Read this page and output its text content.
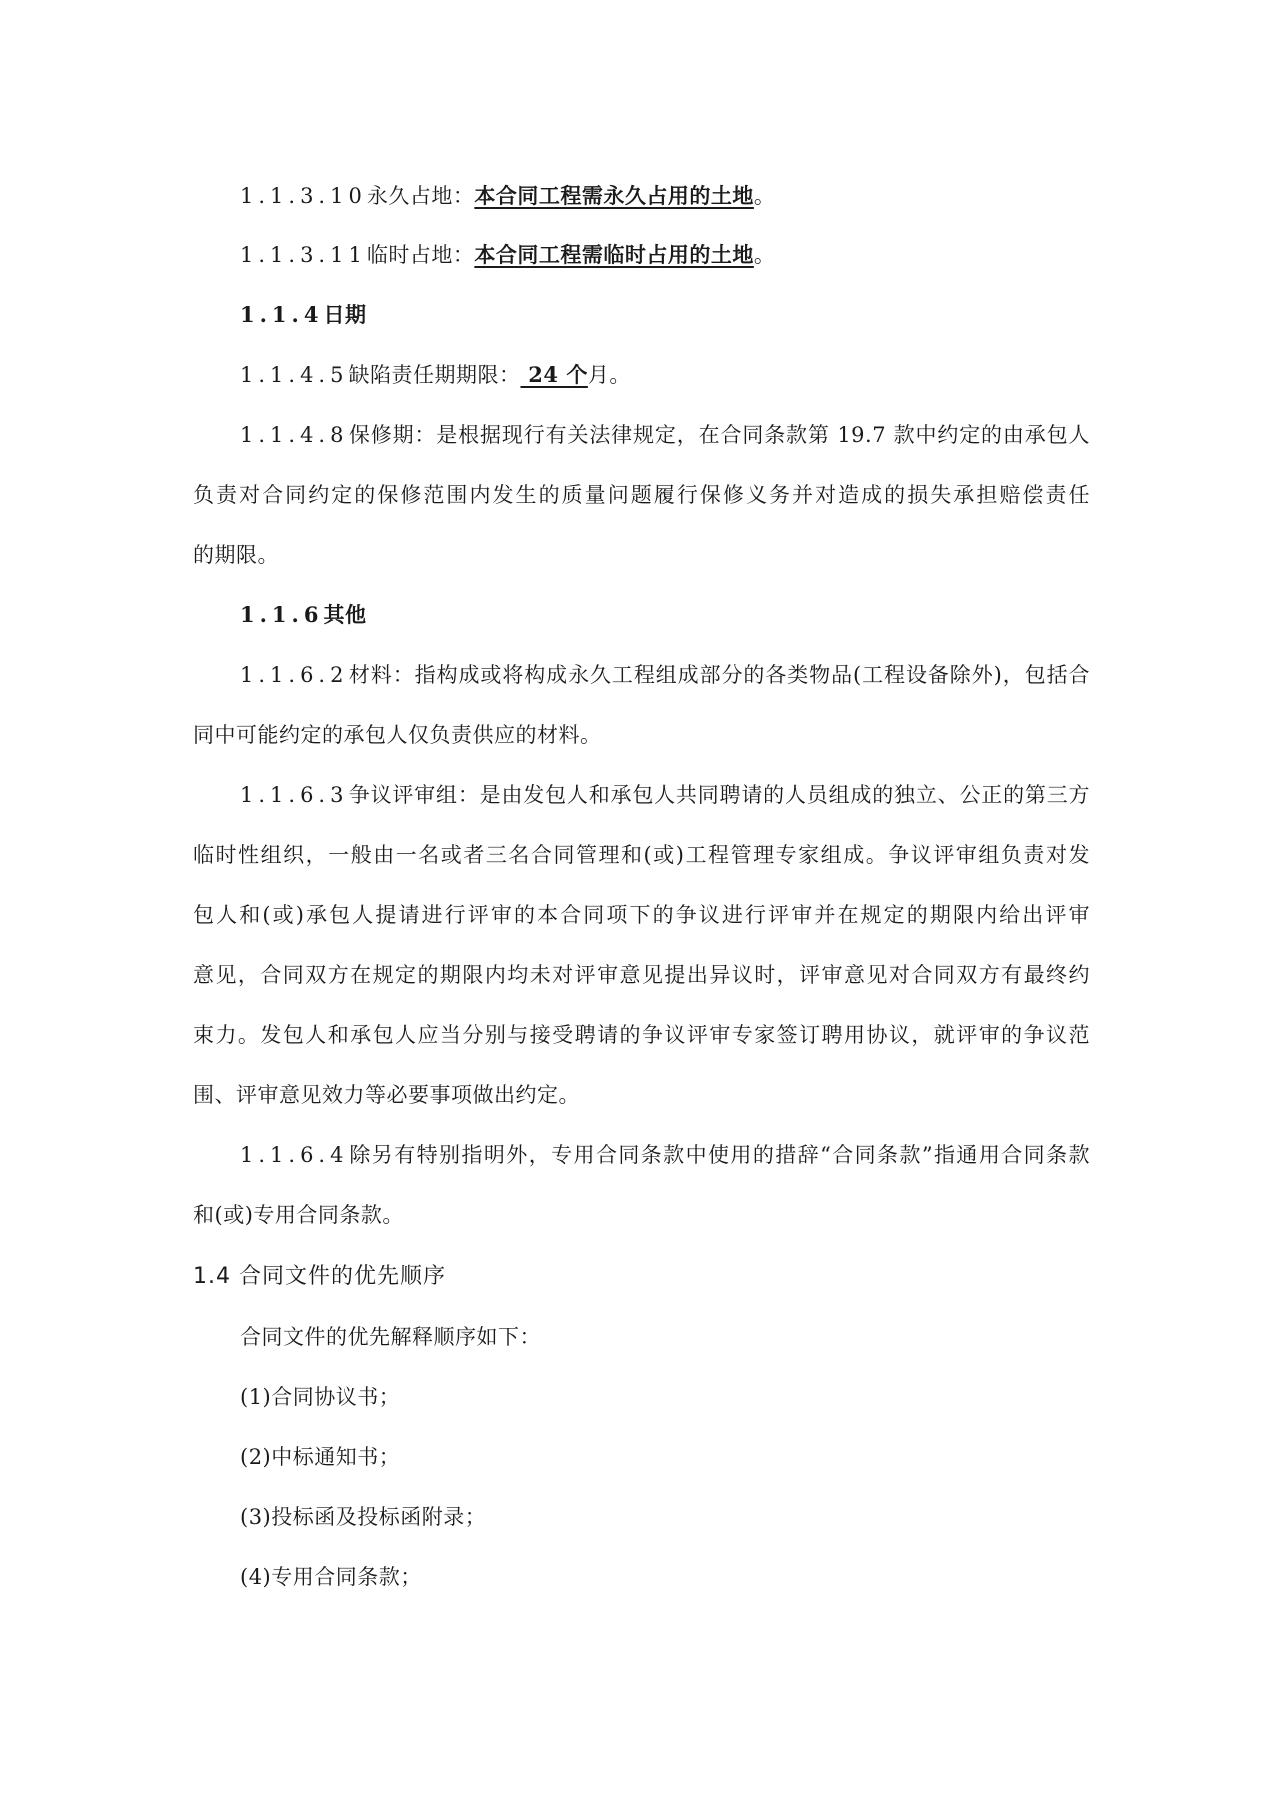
1.1.3.10永久占地：本合同工程需永久占用的土地。
1.1.3.11临时占地：本合同工程需临时占用的土地。
1.1.4日期
1.1.4.5缺陷责任期期限： 24 个月。
1.1.4.8保修期：是根据现行有关法律规定，在合同条款第 19.7 款中约定的由承包人
负责对合同约定的保修范围内发生的质量问题履行保修义务并对造成的损失承担赔偿责任
的期限。
1.1.6其他
1.1.6.2材料：指构成或将构成永久工程组成部分的各类物品(工程设备除外)，包括合
同中可能约定的承包人仅负责供应的材料。
1.1.6.3争议评审组：是由发包人和承包人共同聘请的人员组成的独立、公正的第三方
临时性组织，一般由一名或者三名合同管理和(或)工程管理专家组成。争议评审组负责对发
包人和(或)承包人提请进行评审的本合同项下的争议进行评审并在规定的期限内给出评审
意见，合同双方在规定的期限内均未对评审意见提出异议时，评审意见对合同双方有最终约
束力。发包人和承包人应当分别与接受聘请的争议评审专家签订聘用协议，就评审的争议范
围、评审意见效力等必要事项做出约定。
1.1.6.4除另有特别指明外，专用合同条款中使用的措辞“合同条款”指通用合同条款
和(或)专用合同条款。
1.4 合同文件的优先顺序
合同文件的优先解释顺序如下：
(1)合同协议书；
(2)中标通知书；
(3)投标函及投标函附录；
(4)专用合同条款；
